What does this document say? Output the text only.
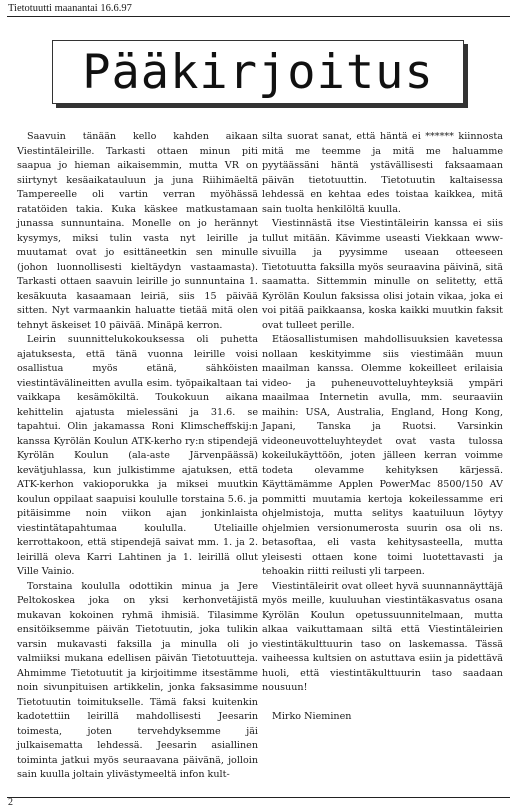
Tietotuutti maanantai 16.6.97
Pääkirjoitus

Saavuin tänään kello kahden aikaan Viestintäleirille. Tarkasti ottaen minun piti saapua jo hieman aikaisemmin, mutta VR on siirtynyt kesäaikatauluun ja juna Riihimäeltä Tampereelle oli vartin verran myöhässä ratatöiden takia. Kuka käskee matkustamaan junassa sunnuntaina. Monelle on jo herännyt kysymys, miksi tulin vasta nyt leirille ja muutamat ovat jo esittäneetkin sen minulle (johon luonnollisesti kieltäydyn vastaamasta). Tarkasti ottaen saavuin leirille jo sunnuntaina 1. kesäkuuta kasaamaan leiriä, siis 15 päivää sitten. Nyt varmaankin haluatte tietää mitä olen tehnyt äskeiset 10 päivää. Minäpä kerron.

Leirin suunnittelukokouksessa oli puhetta ajatuksesta, että tänä vuonna leirille voisi osallistua myös etänä, sähköisten viestintävälineitten avulla esim. työpaikaltaan tai vaikkapa kesämökiltä. Toukokuun aikana kehittelin ajatusta mielessäni ja 31.6. se tapahtui. Olin jakamassa Roni Klimscheffskij:n kanssa Kyrölän Koulun ATK-kerho ry:n stipendejä Kyrölän Koulun (ala-aste Järvenpäässä) kevätjuhlassa, kun julkistimme ajatuksen, että ATK-kerhon vakioporukka ja miksei muutkin koulun oppilaat saapuisi koululle torstaina 5.6. ja pitäisimme noin viikon ajan jonkinlaista viestintätapahtumaa koululla. Uteliaille kerrottakoon, että stipendejä saivat mm. 1. ja 2. leirillä oleva Karri Lahtinen ja 1. leirillä ollut Ville Vainio.

Torstaina koululla odottikin minua ja Jere Peltokoskea joka on yksi kerhonvetäjistä mukavan kokoinen ryhmä ihmisiä. Tilasimme ensitöiksemme päivän Tietotuutin, joka tulikin varsin mukavasti faksilla ja minulla oli jo valmiiksi mukana edellisen päivän Tietotuutteja. Ahmimme Tietotuutit ja kirjoitimme itsestämme noin sivunpituisen artikkelin, jonka faksasimme Tietotuutin toimitukselle. Tämä faksi kuitenkin kadotettiin leirillä mahdollisesti Jeesarin toimesta, joten tervehdyksemme jäi julkaisematta lehdessä. Jeesarin asiallinen toiminta jatkui myös seuraavana päivänä, jolloin sain kuulla joltain ylivästymeeltä infon kult-

silta suorat sanat, että häntä ei ****** kiinnosta mitä me teemme ja mitä me haluamme pyytäässäni häntä ystävällisesti faksaamaan päivän tietotuuttin. Tietotuutin kaltaisessa lehdessä en kehtaa edes toistaa kaikkea, mitä sain tuolta henkilöltä kuulla.

Viestinnästä itse Viestintäleirin kanssa ei siis tullut mitään. Kävimme useasti Viekkaan www-sivuilla ja pyysimme useaan otteeseen Tietotuutta faksilla myös seuraavina päivinä, sitä saamatta. Sittemmin minulle on selitetty, että Kyrölän Koulun faksissa olisi jotain vikaa, joka ei voi pitää paikkaansa, koska kaikki muutkin faksit ovat tulleet perille.

Etäosallistumisen mahdollisuuksien kavetessa nollaan keskityimme siis viestimään muun maailman kanssa. Olemme kokeilleet erilaisia video- ja puheneuvotteluyhteyksiä ympäri maailmaa Internetin avulla, mm. seuraaviin maihin: USA, Australia, England, Hong Kong, Japani, Tanska ja Ruotsi. Varsinkin videoneuvotteluyhteydet ovat vasta tulossa kokeilukäyttöön, joten jälleen kerran voimme todeta olevamme kehityksen kärjessä. Käyttämämme Applen PowerMac 8500/150 AV pommitti muutamia kertoja kokeilessamme eri ohjelmistoja, mutta selitys kaatuiluun löytyy ohjelmien versionumerosta suurin osa oli ns. betasoftaa, eli vasta kehitysasteella, mutta yleisesti ottaen kone toimi luotettavasti ja tehoakin riitti reilusti yli tarpeen.

Viestintäleirit ovat olleet hyvä suunnannäyttäjä myös meille, kuuluuhan viestintäkasvatus osana Kyrölän Koulun opetussuunnitelmaan, mutta alkaa vaikuttamaan siltä että Viestintäleirien viestintäkulttuurin taso on laskemassa. Tässä vaiheessa kultsien on astuttava esiin ja pidettävä huoli, että viestintäkulttuurin taso saadaan nousuun!

Mirko Nieminen

2
